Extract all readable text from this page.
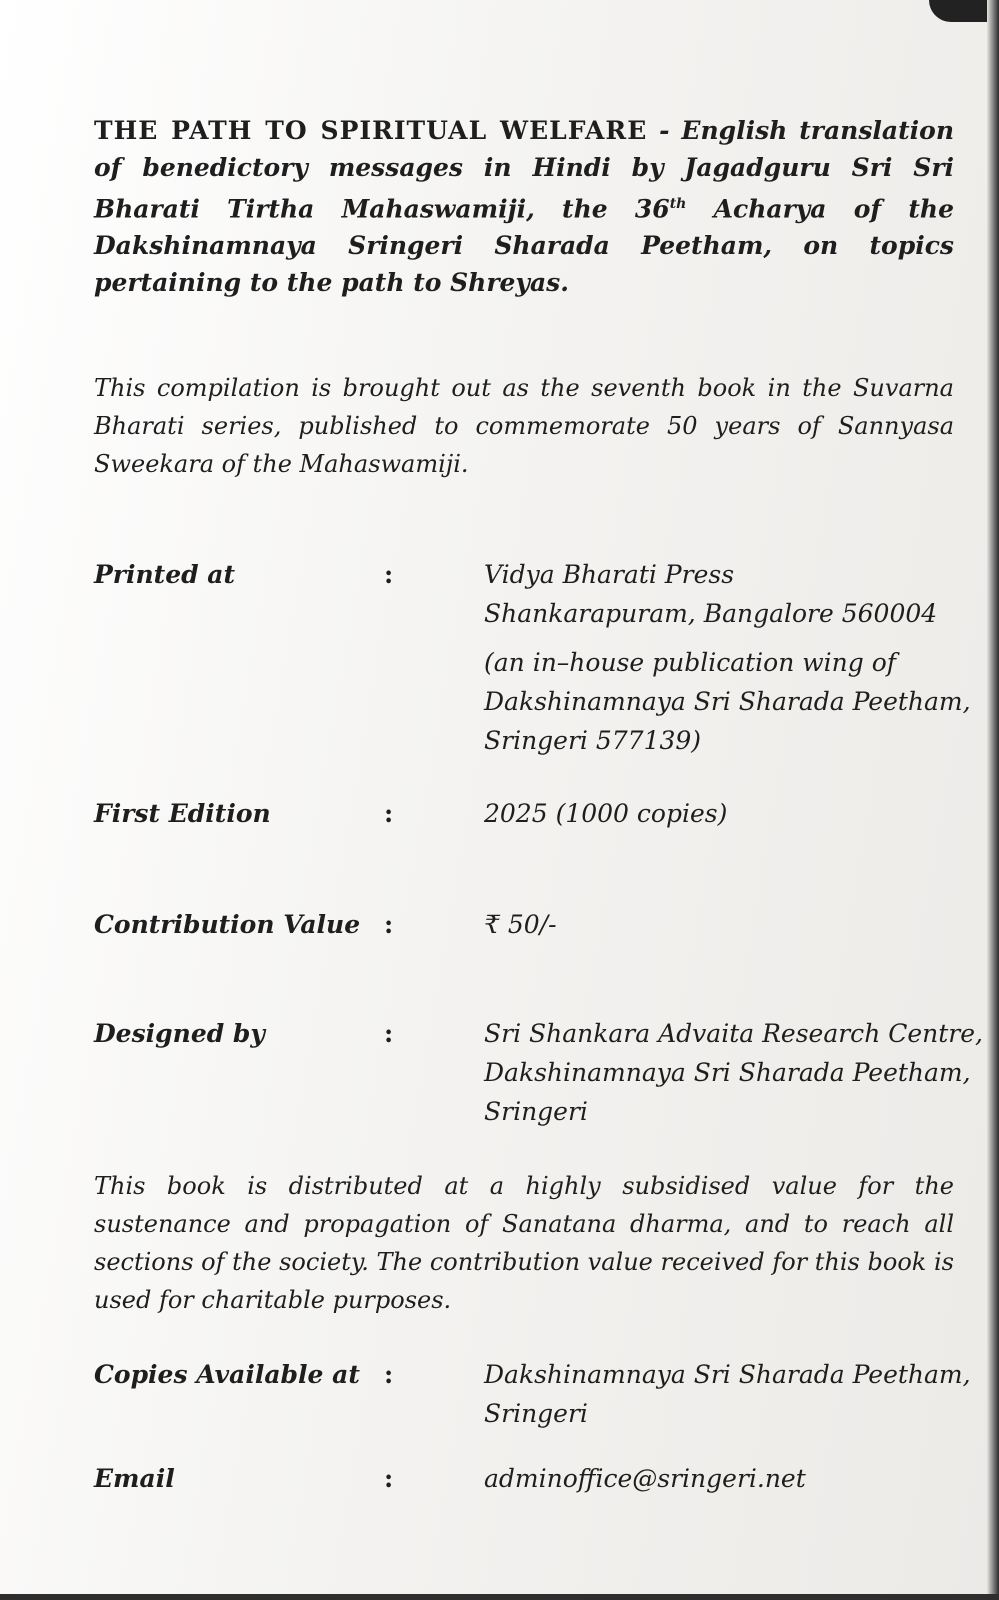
THE PATH TO SPIRITUAL WELFARE - English translation of benedictory messages in Hindi by Jagadguru Sri Sri Bharati Tirtha Mahaswamiji, the 36th Acharya of the Dakshinamnaya Sringeri Sharada Peetham, on topics pertaining to the path to Shreyas.

This compilation is brought out as the seventh book in the Suvarna Bharati series, published to commemorate 50 years of Sannyasa Sweekara of the Mahaswamiji.

Printed at	:	Vidya Bharati Press
Shankarapuram, Bangalore 560004
(an in–house publication wing of
Dakshinamnaya Sri Sharada Peetham,
Sringeri 577139)
First Edition	:	2025 (1000 copies)
Contribution Value :	₹ 50/-
Designed by	:	Sri Shankara Advaita Research Centre,
Dakshinamnaya Sri Sharada Peetham,
Sringeri

This book is distributed at a highly subsidised value for the sustenance and propagation of Sanatana dharma, and to reach all sections of the society. The contribution value received for this book is used for charitable purposes.

Copies Available at :	Dakshinamnaya Sri Sharada Peetham,
Sringeri
Email	:	adminoffice@sringeri.net
